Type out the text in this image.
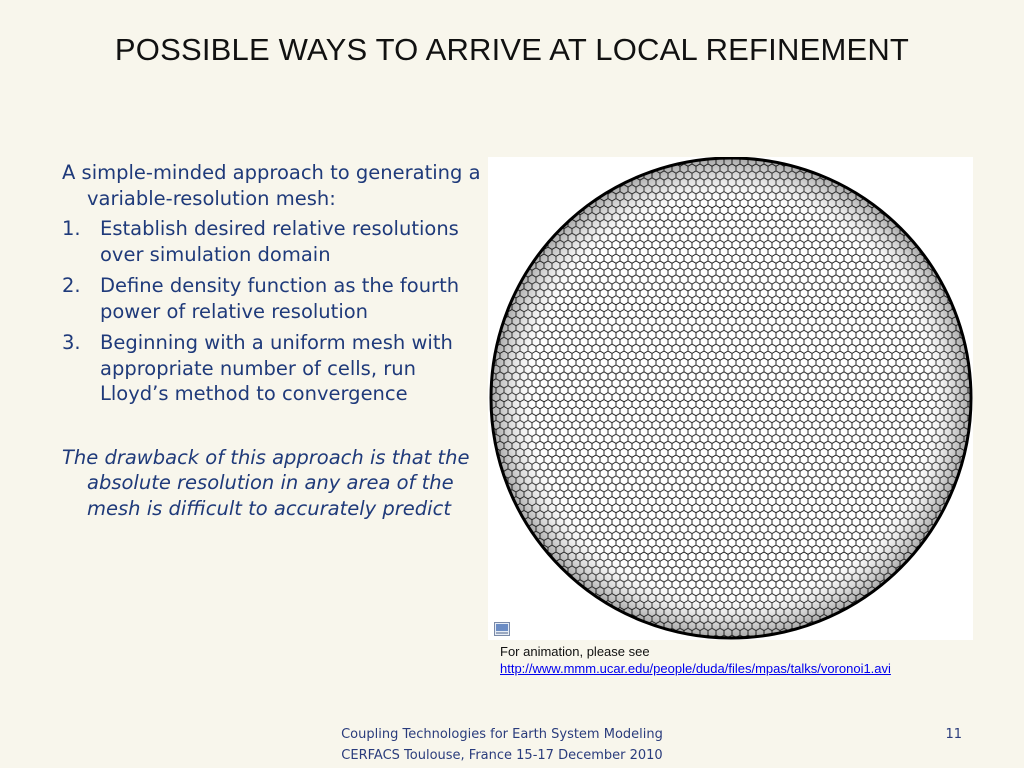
POSSIBLE WAYS TO ARRIVE AT LOCAL REFINEMENT

A simple-minded approach to generating a variable-resolution mesh:

1. Establish desired relative resolutions over simulation domain
2. Define density function as the fourth power of relative resolution
3. Beginning with a uniform mesh with appropriate number of cells, run Lloyd’s method to convergence

The drawback of this approach is that the absolute resolution in any area of the mesh is difficult to accurately predict

For animation, please see
http://www.mmm.ucar.edu/people/duda/files/mpas/talks/voronoi1.avi
Coupling Technologies for Earth System Modeling
CERFACS Toulouse, France 15-17 December 2010
11
